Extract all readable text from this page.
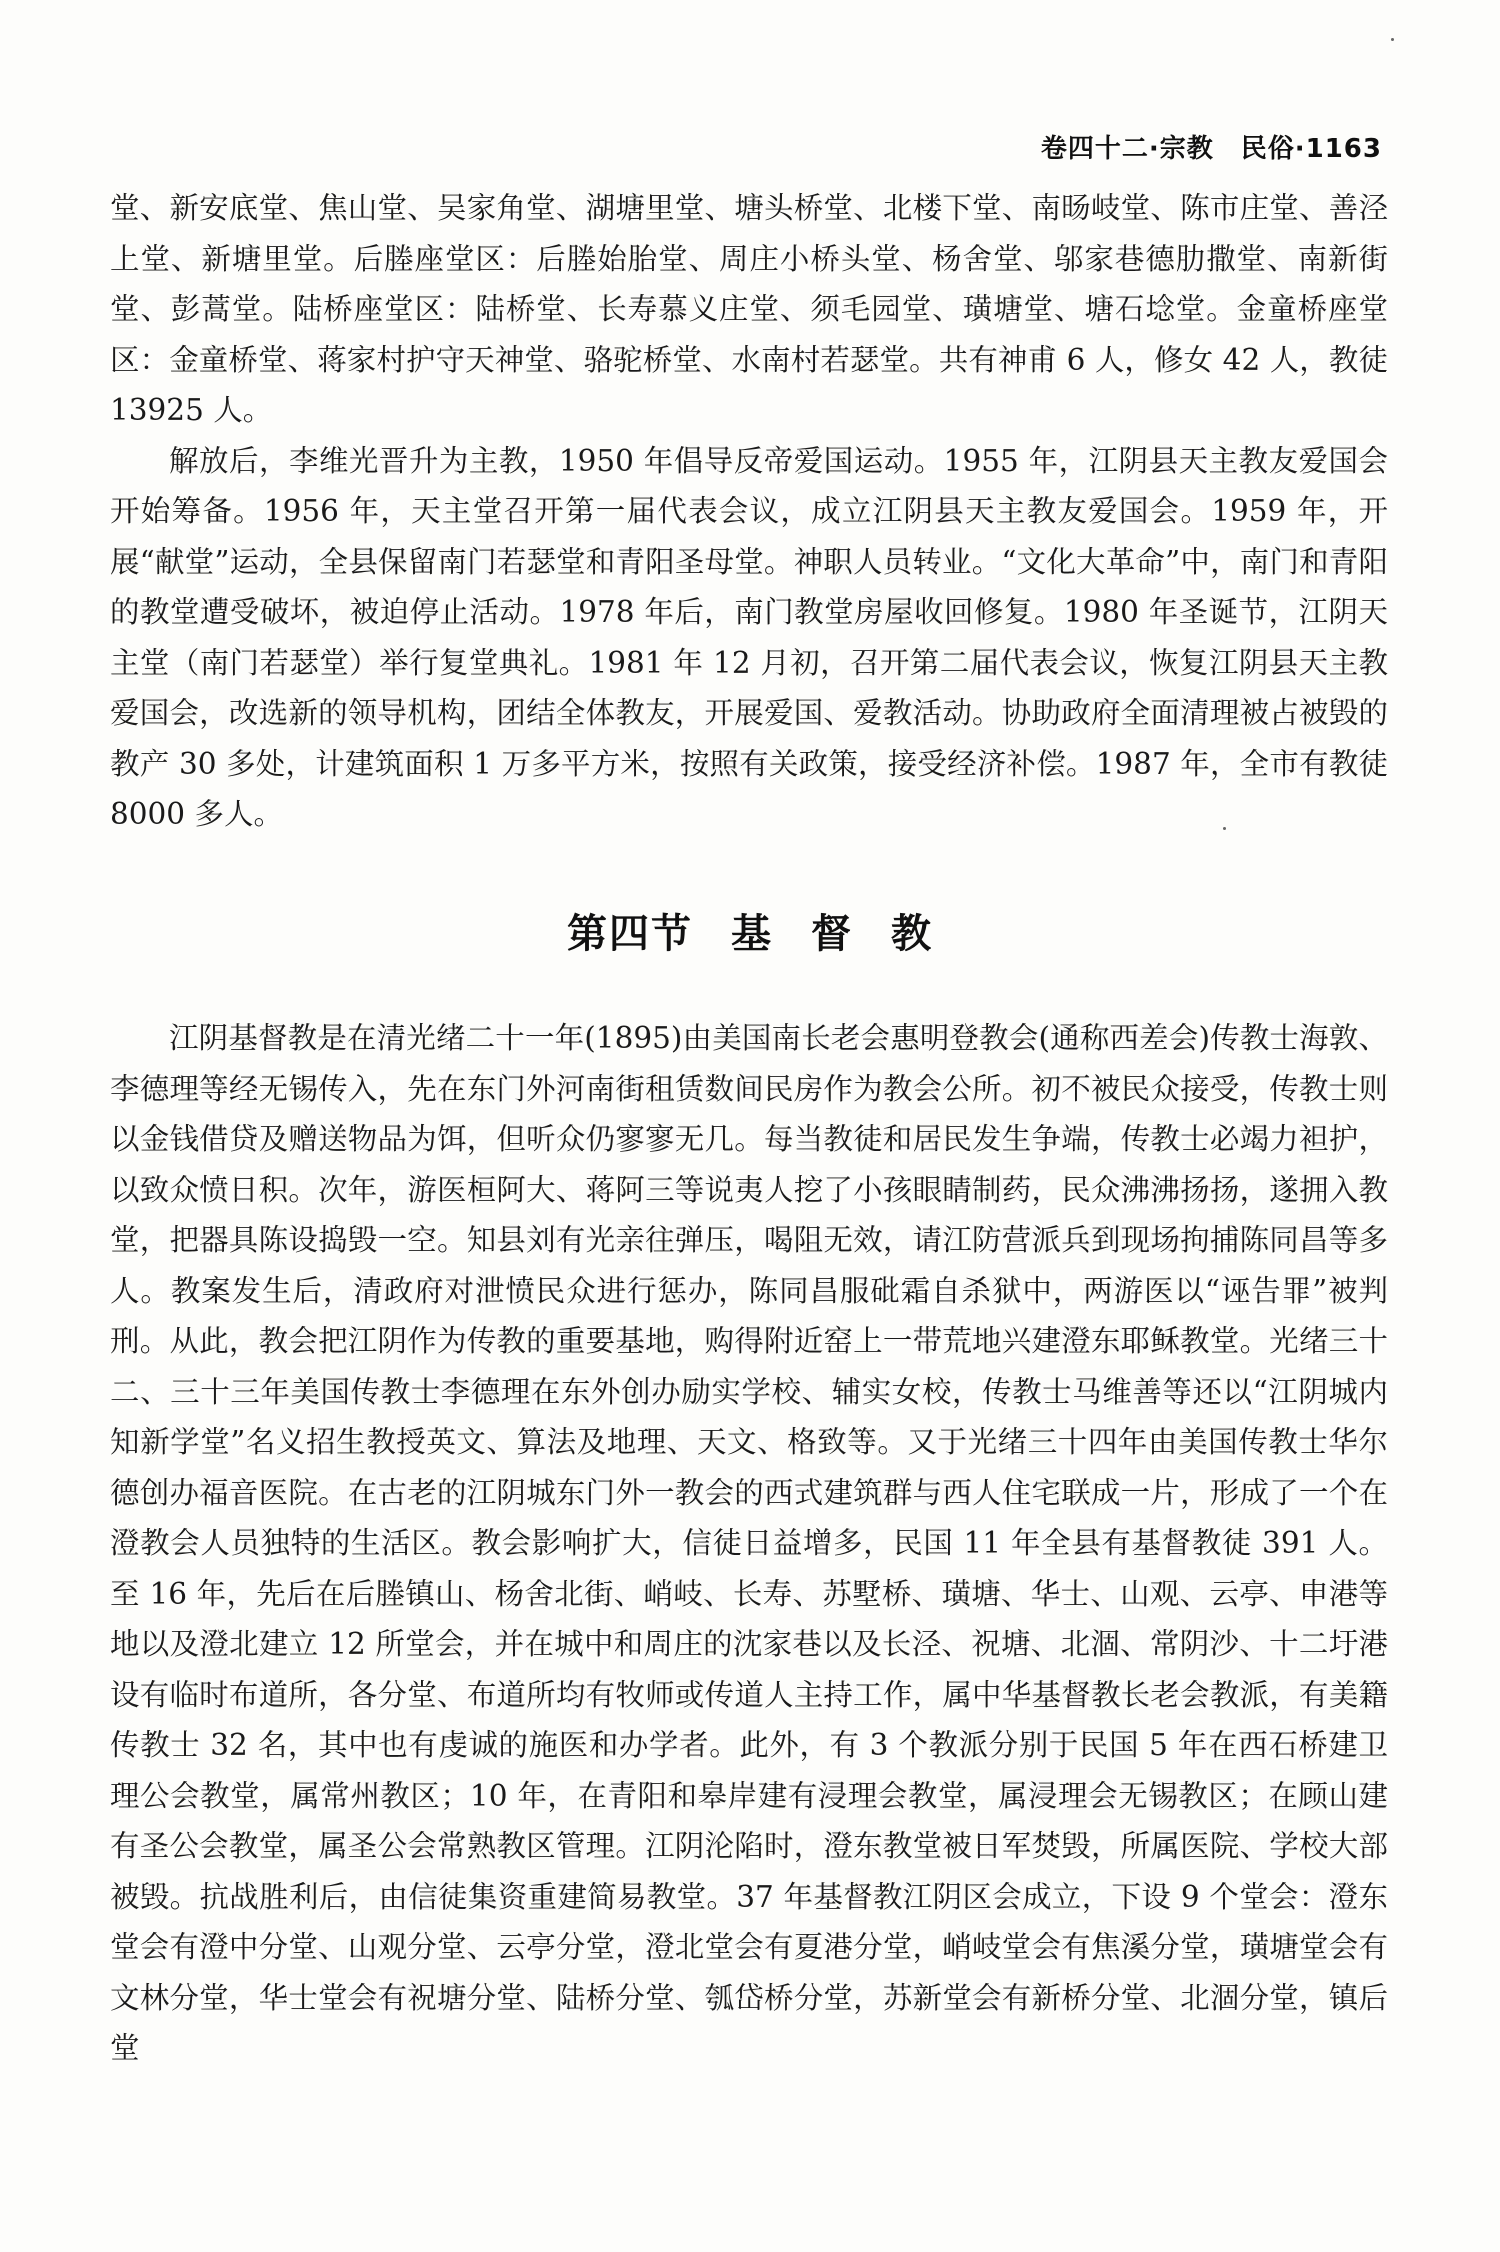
卷四十二·宗教　民俗·1163

堂、新安底堂、焦山堂、吴家角堂、湖塘里堂、塘头桥堂、北楼下堂、南旸岐堂、陈市庄堂、善泾上堂、新塘里堂。后塍座堂区：后塍始胎堂、周庄小桥头堂、杨舍堂、邬家巷德肋撒堂、南新街堂、彭蒿堂。陆桥座堂区：陆桥堂、长寿慕义庄堂、须毛园堂、璜塘堂、塘石埝堂。金童桥座堂区：金童桥堂、蒋家村护守天神堂、骆驼桥堂、水南村若瑟堂。共有神甫 6 人，修女 42 人，教徒 13925 人。

解放后，李维光晋升为主教，1950 年倡导反帝爱国运动。1955 年，江阴县天主教友爱国会开始筹备。1956 年，天主堂召开第一届代表会议，成立江阴县天主教友爱国会。1959 年，开展“献堂”运动，全县保留南门若瑟堂和青阳圣母堂。神职人员转业。“文化大革命”中，南门和青阳的教堂遭受破坏，被迫停止活动。1978 年后，南门教堂房屋收回修复。1980 年圣诞节，江阴天主堂（南门若瑟堂）举行复堂典礼。1981 年 12 月初，召开第二届代表会议，恢复江阴县天主教爱国会，改选新的领导机构，团结全体教友，开展爱国、爱教活动。协助政府全面清理被占被毁的教产 30 多处，计建筑面积 1 万多平方米，按照有关政策，接受经济补偿。1987 年，全市有教徒 8000 多人。

第四节 基 督 教

江阴基督教是在清光绪二十一年(1895)由美国南长老会惠明登教会(通称西差会)传教士海敦、李德理等经无锡传入，先在东门外河南街租赁数间民房作为教会公所。初不被民众接受，传教士则以金钱借贷及赠送物品为饵，但听众仍寥寥无几。每当教徒和居民发生争端，传教士必竭力袒护，以致众愤日积。次年，游医桓阿大、蒋阿三等说夷人挖了小孩眼睛制药，民众沸沸扬扬，遂拥入教堂，把器具陈设捣毁一空。知县刘有光亲往弹压，喝阻无效，请江防营派兵到现场拘捕陈同昌等多人。教案发生后，清政府对泄愤民众进行惩办，陈同昌服砒霜自杀狱中，两游医以“诬告罪”被判刑。从此，教会把江阴作为传教的重要基地，购得附近窑上一带荒地兴建澄东耶稣教堂。光绪三十二、三十三年美国传教士李德理在东外创办励实学校、辅实女校，传教士马维善等还以“江阴城内知新学堂”名义招生教授英文、算法及地理、天文、格致等。又于光绪三十四年由美国传教士华尔德创办福音医院。在古老的江阴城东门外一教会的西式建筑群与西人住宅联成一片，形成了一个在澄教会人员独特的生活区。教会影响扩大，信徒日益增多，民国 11 年全县有基督教徒 391 人。至 16 年，先后在后塍镇山、杨舍北街、峭岐、长寿、苏墅桥、璜塘、华士、山观、云亭、申港等地以及澄北建立 12 所堂会，并在城中和周庄的沈家巷以及长泾、祝塘、北涸、常阴沙、十二圩港设有临时布道所，各分堂、布道所均有牧师或传道人主持工作，属中华基督教长老会教派，有美籍传教士 32 名，其中也有虔诚的施医和办学者。此外，有 3 个教派分别于民国 5 年在西石桥建卫理公会教堂，属常州教区；10 年，在青阳和皋岸建有浸理会教堂，属浸理会无锡教区；在顾山建有圣公会教堂，属圣公会常熟教区管理。江阴沦陷时，澄东教堂被日军焚毁，所属医院、学校大部被毁。抗战胜利后，由信徒集资重建简易教堂。37 年基督教江阴区会成立，下设 9 个堂会：澄东堂会有澄中分堂、山观分堂、云亭分堂，澄北堂会有夏港分堂，峭岐堂会有焦溪分堂，璜塘堂会有文林分堂，华士堂会有祝塘分堂、陆桥分堂、瓠岱桥分堂，苏新堂会有新桥分堂、北涸分堂，镇后堂
